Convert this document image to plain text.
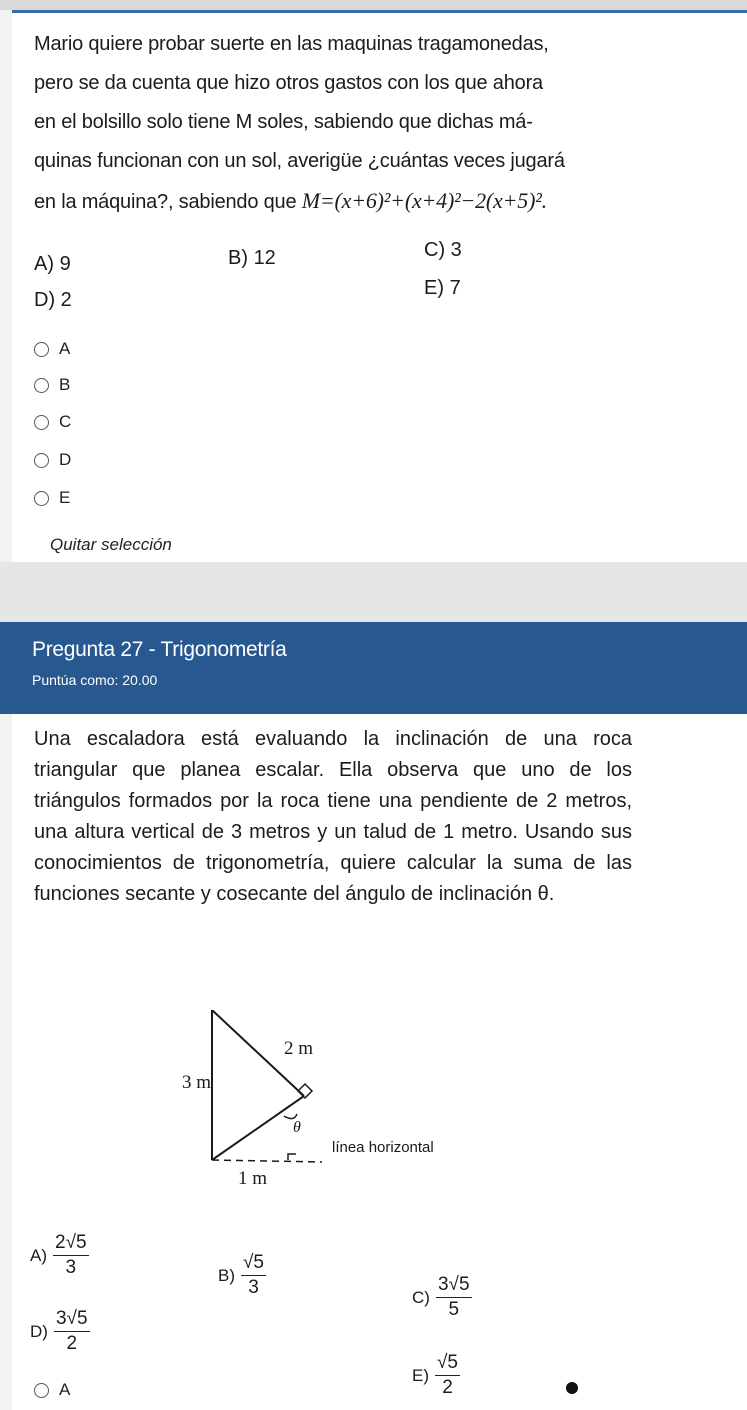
Mario quiere probar suerte en las maquinas tragamonedas,
pero se da cuenta que hizo otros gastos con los que ahora
en el bolsillo solo tiene M soles, sabiendo que dichas má-
quinas funcionan con un sol, averigüe ¿cuántas veces jugará
en la máquina?, sabiendo que M=(x+6)²+(x+4)²−2(x+5)².

A) 9	B) 12	C) 3
D) 2
E) 7
A
B
C
D
E
Quitar selección
Pregunta 27 - Trigonometría
Puntúa como: 20.00

Una escaladora está evaluando la inclinación de una roca triangular que planea escalar. Ella observa que uno de los triángulos formados por la roca tiene una pendiente de 2 metros, una altura vertical de 3 metros y un talud de 1 metro. Usando sus conocimientos de trigonometría, quiere calcular la suma de las funciones secante y cosecante del ángulo de inclinación θ.

2 m
3 m
θ
línea horizontal
1 m
$A) \frac{2√5}{3}$	$B) \frac{√5}{3}$	$C) \frac{3√5}{5}$
$D) \frac{3√5}{2}$
$E) \frac{√5}{2}$
A
